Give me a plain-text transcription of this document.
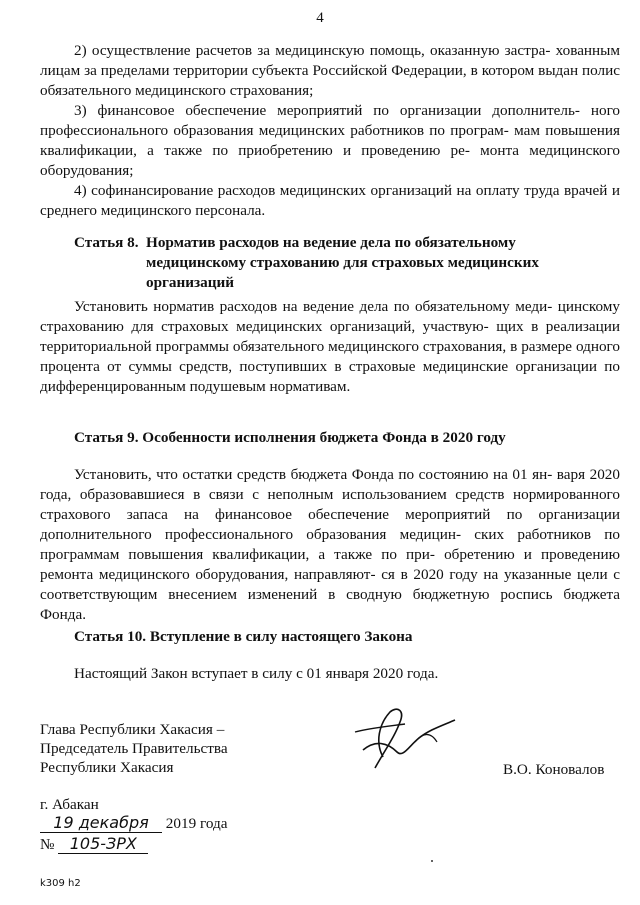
4
2) осуществление расчетов за медицинскую помощь, оказанную застра- хованным лицам за пределами территории субъекта Российской Федерации, в котором выдан полис обязательного медицинского страхования;
3) финансовое обеспечение мероприятий по организации дополнитель- ного профессионального образования медицинских работников по програм- мам повышения квалификации, а также по приобретению и проведению ре- монта медицинского оборудования;
4) софинансирование расходов медицинских организаций на оплату труда врачей и среднего медицинского персонала.
Статья 8. Норматив расходов на ведение дела по обязательному
медицинскому страхованию для страховых медицинских
организаций
Установить норматив расходов на ведение дела по обязательному меди- цинскому страхованию для страховых медицинских организаций, участвую- щих в реализации территориальной программы обязательного медицинского страхования, в размере одного процента от суммы средств, поступивших в страховые медицинские организации по дифференцированным подушевым нормативам.
Статья 9. Особенности исполнения бюджета Фонда в 2020 году
Установить, что остатки средств бюджета Фонда по состоянию на 01 ян- варя 2020 года, образовавшиеся в связи с неполным использованием средств нормированного страхового запаса на финансовое обеспечение мероприятий по организации дополнительного профессионального образования медицин- ских работников по программам повышения квалификации, а также по при- обретению и проведению ремонта медицинского оборудования, направляют- ся в 2020 году на указанные цели с соответствующим внесением изменений в сводную бюджетную роспись бюджета Фонда.
Статья 10. Вступление в силу настоящего Закона
Настоящий Закон вступает в силу с 01 января 2020 года.
Глава Республики Хакасия –
Председатель Правительства
Республики Хакасия	В.О. Коновалов
г. Абакан
19 декабря 2019 года
№ 105-ЗРХ
k309 h2
